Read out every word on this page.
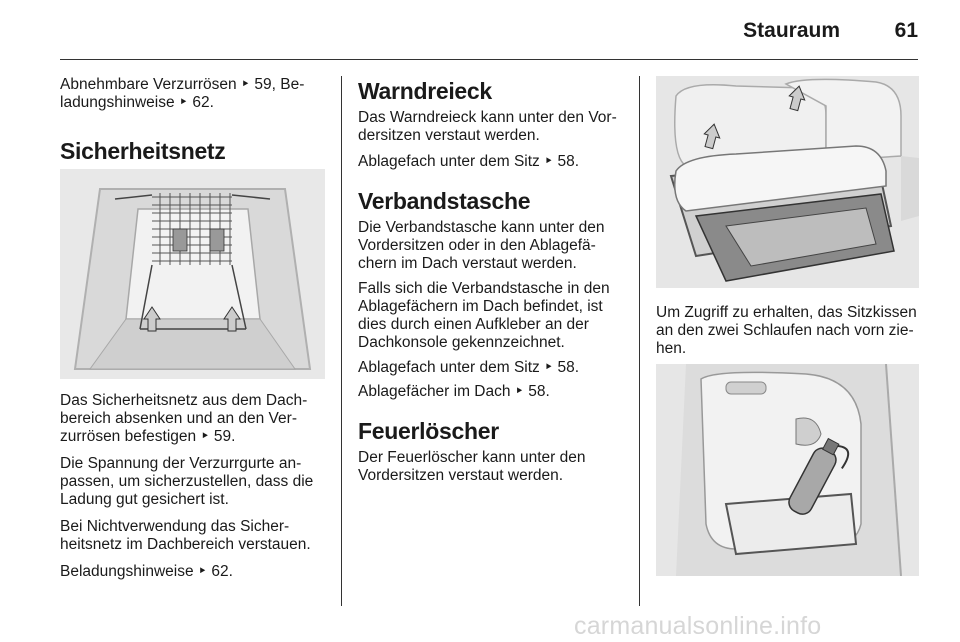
Stauraum	61

Abnehmbare Verzurrösen ‣ 59, Be-

ladungshinweise ‣ 62.

Sicherheitsnetz

Das Sicherheitsnetz aus dem Dach-

bereich absenken und an den Ver-

zurrösen befestigen ‣ 59.

Die Spannung der Verzurrgurte an-

passen, um sicherzustellen, dass die

Ladung gut gesichert ist.

Bei Nichtverwendung das Sicher-

heitsnetz im Dachbereich verstauen.

Beladungshinweise ‣ 62.

Warndreieck

Das Warndreieck kann unter den Vor-

dersitzen verstaut werden.

Ablagefach unter dem Sitz ‣ 58.

Verbandstasche

Die Verbandstasche kann unter den

Vordersitzen oder in den Ablagefä-

chern im Dach verstaut werden.

Falls sich die Verbandstasche in den

Ablagefächern im Dach befindet, ist

dies durch einen Aufkleber an der

Dachkonsole gekennzeichnet.

Ablagefach unter dem Sitz ‣ 58.

Ablagefächer im Dach ‣ 58.

Feuerlöscher

Der Feuerlöscher kann unter den

Vordersitzen verstaut werden.

Um Zugriff zu erhalten, das Sitzkissen

an den zwei Schlaufen nach vorn zie-

hen.

carmanualsonline.info
